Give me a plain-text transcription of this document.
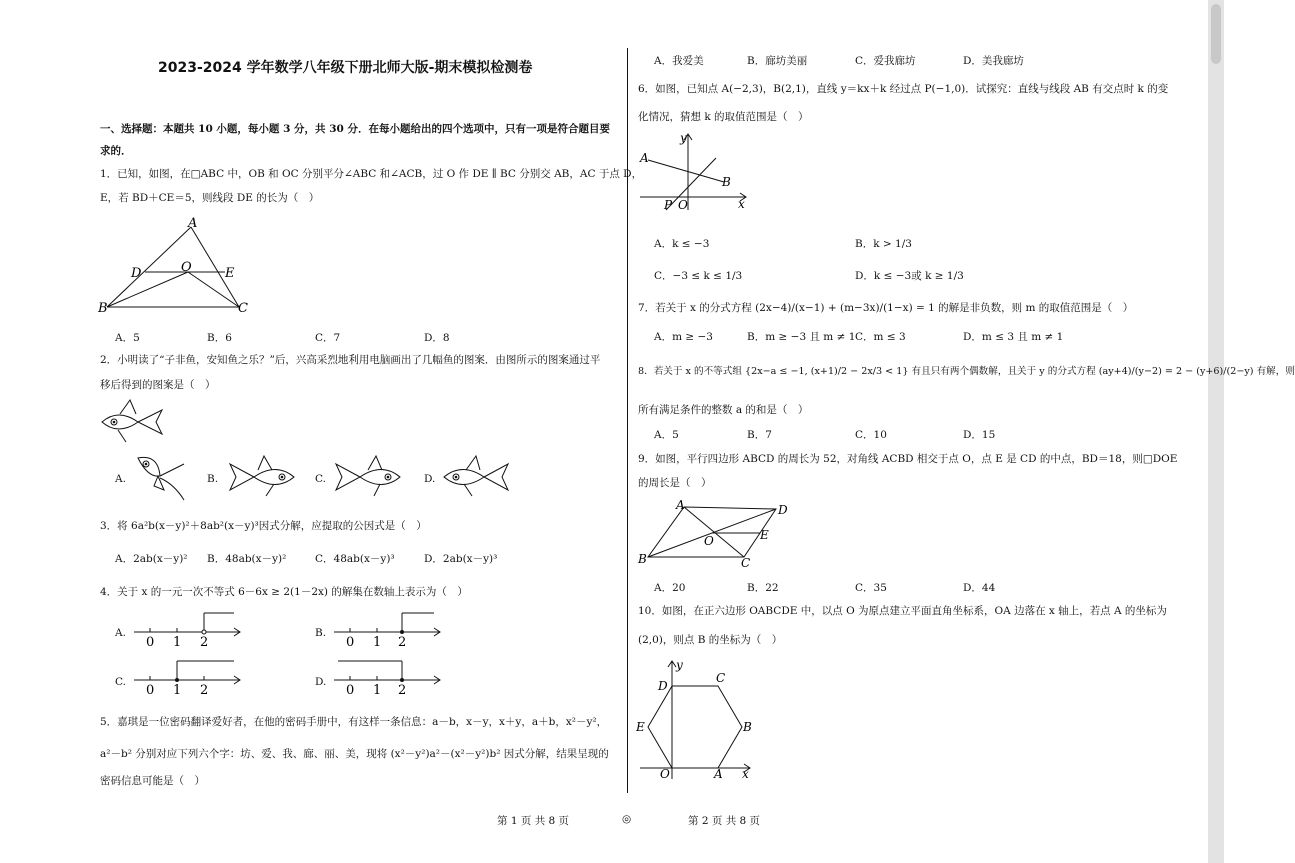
2023-2024 学年数学八年级下册北师大版-期末模拟检测卷
一、选择题：本题共 10 小题，每小题 3 分，共 30 分．在每小题给出的四个选项中，只有一项是符合题目要
求的．
1．已知，如图，在□ABC 中，OB 和 OC 分别平分∠ABC 和∠ACB，过 O 作 DE ∥ BC 分别交 AB，AC 于点 D，
E，若 BD＋CE＝5，则线段 DE 的长为（　）
A
D	O	E
B	C
A．5	B．6	C．7	D．8
2．小明读了“子非鱼，安知鱼之乐？”后，兴高采烈地利用电脑画出了几幅鱼的图案．由图所示的图案通过平
移后得到的图案是（　）
A.	B.	C.	D.
3．将 6a²b(x－y)²＋8ab²(x－y)³因式分解，应提取的公因式是（　）
A．2ab(x－y)² B．48ab(x－y)²	C．48ab(x－y)³	D．2ab(x－y)³
4．关于 x 的一元一次不等式 6－6x ≥ 2(1－2x) 的解集在数轴上表示为（　）
A.
0 1 2
B.
0 1 2
C.
0 1 2
D.
0 1 2
5．嘉琪是一位密码翻译爱好者，在他的密码手册中，有这样一条信息：a－b，x－y，x＋y，a＋b，x²－y²，
a²－b² 分别对应下列六个字：坊、爱、我、廊、丽、美，现将 (x²－y²)a²－(x²－y²)b² 因式分解，结果呈现的
密码信息可能是（　）
A．我爱美	B．廊坊美丽	C．爱我廊坊	D．美我廊坊
6．如图，已知点 A(−2,3)，B(2,1)，直线 y＝kx＋k 经过点 P(−1,0)．试探究：直线与线段 AB 有交点时 k 的变
化情况，猜想 k 的取值范围是（　）
y
A
B
P O	x
A．k ≤ −3	B．k > 1/3
C．−3 ≤ k ≤ 1/3	D．k ≤ −3或 k ≥ 1/3
7．若关于 x 的分式方程 (2x−4)/(x−1) + (m−3x)/(1−x) = 1 的解是非负数，则 m 的取值范围是（　）
A．m ≥ −3	B．m ≥ −3 且 m ≠ 1 C．m ≤ 3	D．m ≤ 3 且 m ≠ 1
8．若关于 x 的不等式组 {2x−a ≤ −1, (x+1)/2 − 2x/3 < 1} 有且只有两个偶数解，且关于 y 的分式方程 (ay+4)/(y−2) = 2 − (y+6)/(2−y) 有解，则
所有满足条件的整数 a 的和是（　）
A．5	B．7	C．10	D．15
9．如图，平行四边形 ABCD 的周长为 52，对角线 ACBD 相交于点 O，点 E 是 CD 的中点，BD＝18，则□DOE
的周长是（　）
A	D
O	E
B	C
A．20	B．22	C．35	D．44
10．如图，在正六边形 OABCDE 中，以点 O 为原点建立平面直角坐标系，OA 边落在 x 轴上，若点 A 的坐标为
(2,0)，则点 B 的坐标为（　）
y
D
C
E	B
O	A x
第 1 页 共 8 页	◎	第 2 页 共 8 页
